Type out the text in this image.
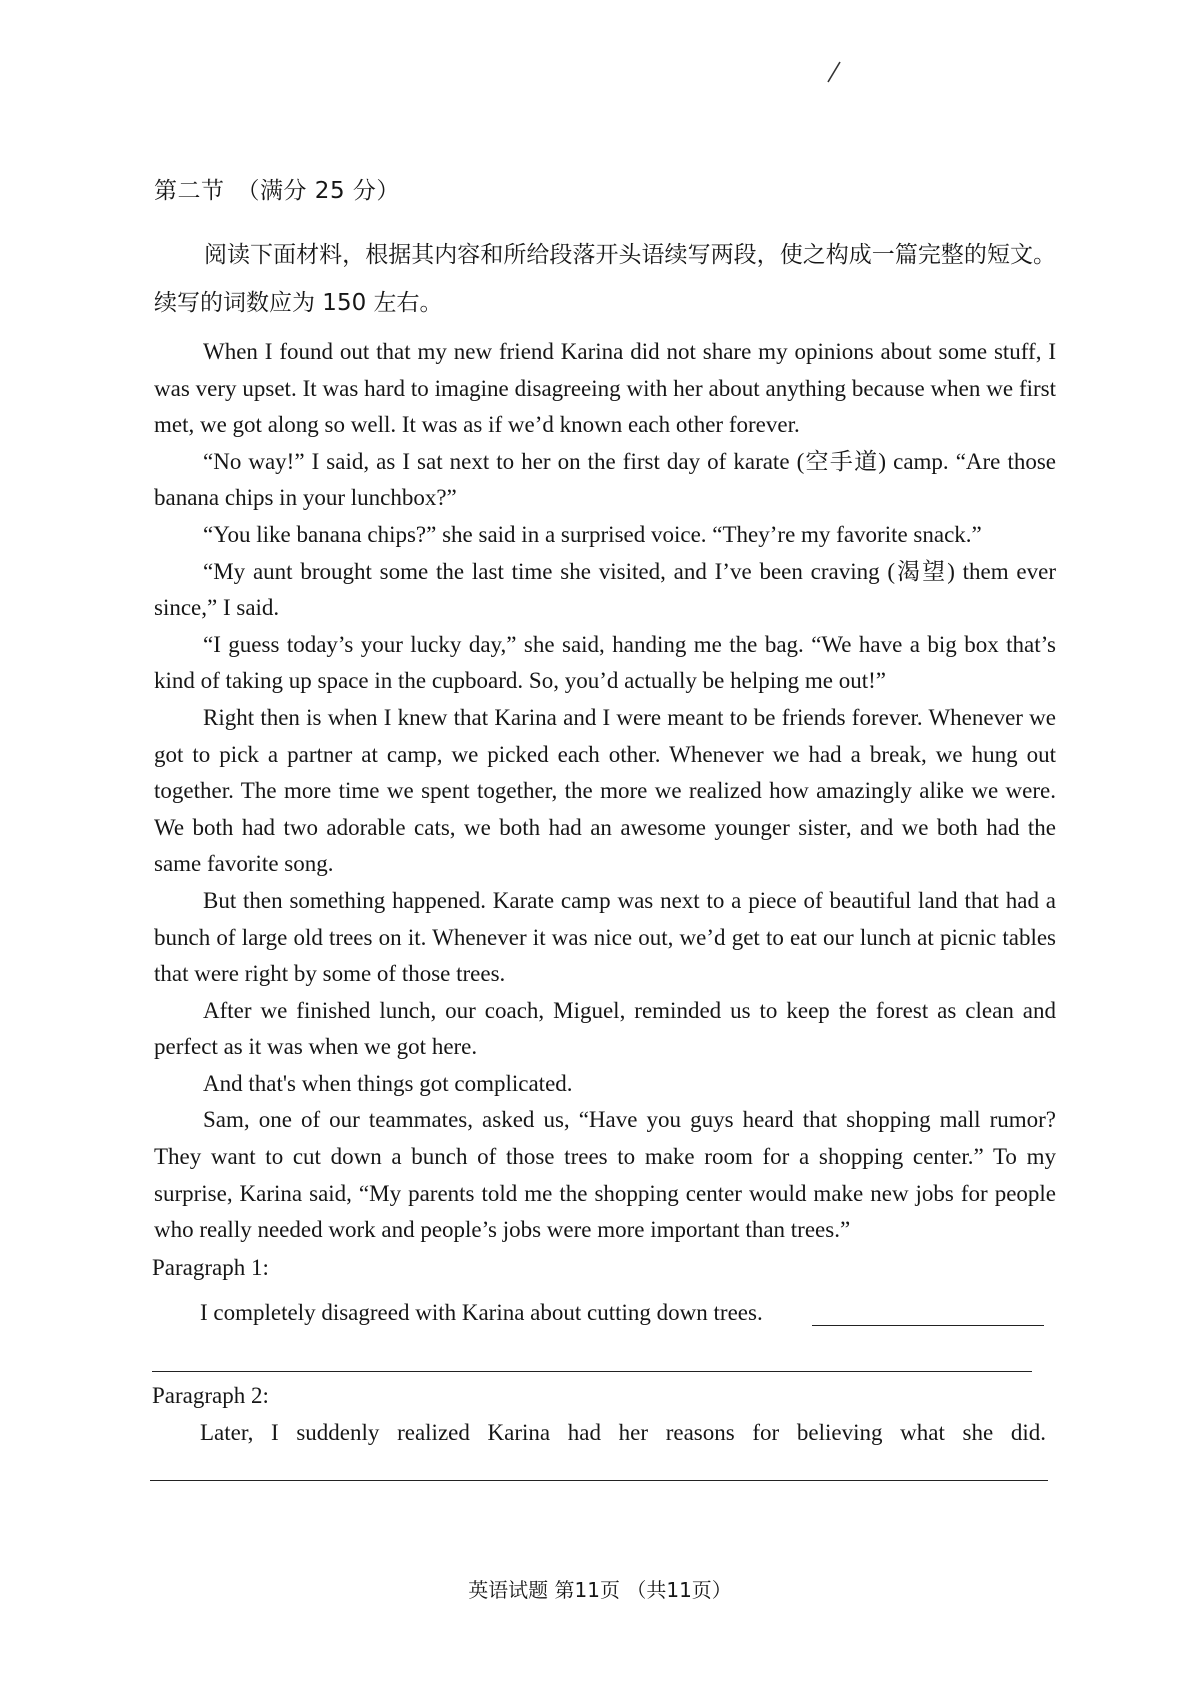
第二节　（满分 25 分）
阅读下面材料，根据其内容和所给段落开头语续写两段，使之构成一篇完整的短文。续写的词数应为 150 左右。

When I found out that my new friend Karina did not share my opinions about some stuff, I was very upset. It was hard to imagine disagreeing with her about anything because when we first met, we got along so well. It was as if we’d known each other forever.

“No way!” I said, as I sat next to her on the first day of karate (空手道) camp. “Are those banana chips in your lunchbox?”

“You like banana chips?” she said in a surprised voice. “They’re my favorite snack.”

“My aunt brought some the last time she visited, and I’ve been craving (渴望) them ever since,” I said.

“I guess today’s your lucky day,” she said, handing me the bag. “We have a big box that’s kind of taking up space in the cupboard. So, you’d actually be helping me out!”

Right then is when I knew that Karina and I were meant to be friends forever. Whenever we got to pick a partner at camp, we picked each other. Whenever we had a break, we hung out together. The more time we spent together, the more we realized how amazingly alike we were. We both had two adorable cats, we both had an awesome younger sister, and we both had the same favorite song.

But then something happened. Karate camp was next to a piece of beautiful land that had a bunch of large old trees on it. Whenever it was nice out, we’d get to eat our lunch at picnic tables that were right by some of those trees.

After we finished lunch, our coach, Miguel, reminded us to keep the forest as clean and perfect as it was when we got here.

And that's when things got complicated.

Sam, one of our teammates, asked us, “Have you guys heard that shopping mall rumor? They want to cut down a bunch of those trees to make room for a shopping center.” To my surprise, Karina said, “My parents told me the shopping center would make new jobs for people who really needed work and people’s jobs were more important than trees.”

Paragraph 1:
I completely disagreed with Karina about cutting down trees.
Paragraph 2:
Later, I suddenly realized Karina had her reasons for believing what she did.
英语试题 第11页 （共11页）
